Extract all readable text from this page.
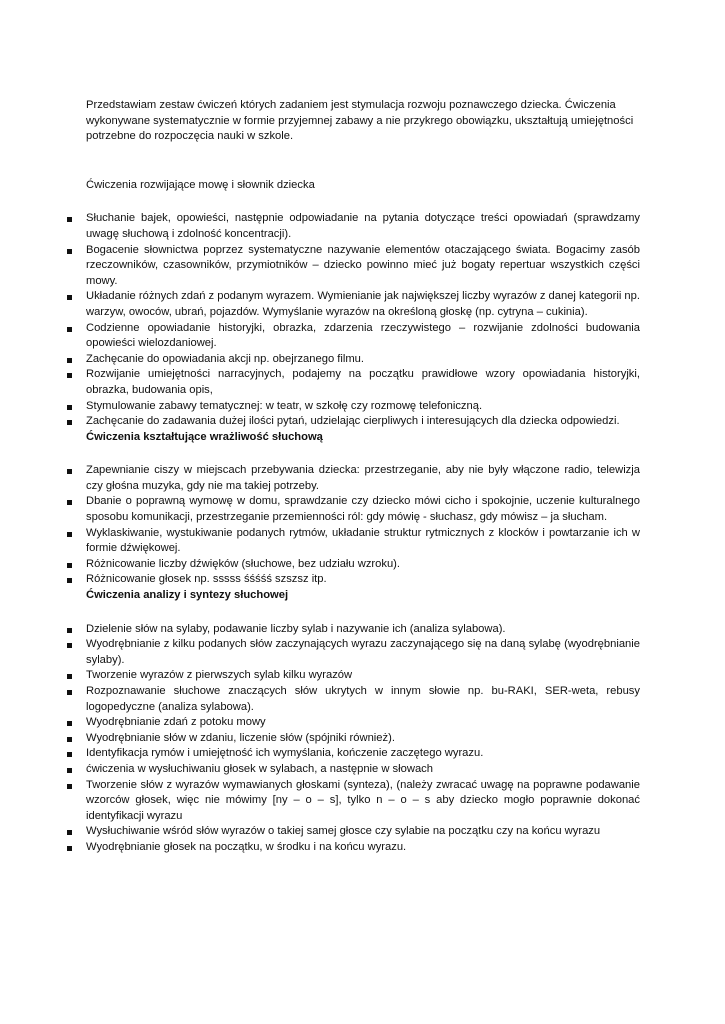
Przedstawiam zestaw ćwiczeń których zadaniem jest stymulacja rozwoju poznawczego dziecka. Ćwiczenia wykonywane systematycznie w formie przyjemnej zabawy a nie przykrego obowiązku, ukształtują umiejętności potrzebne do rozpoczęcia nauki w szkole.

Ćwiczenia rozwijające mowę i słownik dziecka

Słuchanie bajek, opowieści, następnie odpowiadanie na pytania dotyczące treści opowiadań (sprawdzamy uwagę słuchową i zdolność koncentracji).
Bogacenie słownictwa poprzez systematyczne nazywanie elementów otaczającego świata. Bogacimy zasób rzeczowników, czasowników, przymiotników – dziecko powinno mieć już bogaty repertuar wszystkich części mowy.
Układanie różnych zdań z podanym wyrazem. Wymienianie jak największej liczby wyrazów z danej kategorii np. warzyw, owoców, ubrań, pojazdów. Wymyślanie wyrazów na określoną głoskę (np. cytryna – cukinia).
Codzienne opowiadanie historyjki, obrazka, zdarzenia rzeczywistego – rozwijanie zdolności budowania opowieści wielozdaniowej.
Zachęcanie do opowiadania akcji np. obejrzanego filmu.
Rozwijanie umiejętności narracyjnych, podajemy na początku prawidłowe wzory opowiadania historyjki, obrazka, budowania opis,
Stymulowanie zabawy tematycznej: w teatr, w szkołę czy rozmowę telefoniczną.
Zachęcanie do zadawania dużej ilości pytań, udzielając cierpliwych i interesujących dla dziecka odpowiedzi.

Ćwiczenia kształtujące wrażliwość słuchową

Zapewnianie ciszy w miejscach przebywania dziecka: przestrzeganie, aby nie były włączone radio, telewizja czy głośna muzyka, gdy nie ma takiej potrzeby.
Dbanie o poprawną wymowę w domu, sprawdzanie czy dziecko mówi cicho i spokojnie, uczenie kulturalnego sposobu komunikacji, przestrzeganie przemienności ról: gdy mówię - słuchasz, gdy mówisz – ja słucham.
Wyklaskiwanie, wystukiwanie podanych rytmów, układanie struktur rytmicznych z klocków i powtarzanie ich w formie dźwiękowej.
Różnicowanie liczby dźwięków (słuchowe, bez udziału wzroku).
Różnicowanie głosek np. sssss śśśśś szszsz itp.

Ćwiczenia analizy i syntezy słuchowej

Dzielenie słów na sylaby, podawanie liczby sylab i nazywanie ich (analiza sylabowa).
Wyodrębnianie z kilku podanych słów zaczynających wyrazu zaczynającego się na daną sylabę (wyodrębnianie sylaby).
Tworzenie wyrazów z pierwszych sylab kilku wyrazów
Rozpoznawanie słuchowe znaczących słów ukrytych w innym słowie np. bu-RAKI, SER-weta, rebusy logopedyczne (analiza sylabowa).
Wyodrębnianie zdań z potoku mowy
Wyodrębnianie słów w zdaniu, liczenie słów (spójniki również).
Identyfikacja rymów i umiejętność ich wymyślania, kończenie zaczętego wyrazu.
ćwiczenia w wysłuchiwaniu głosek w sylabach, a następnie w słowach
Tworzenie słów z wyrazów wymawianych głoskami (synteza), (należy zwracać uwagę na poprawne podawanie wzorców głosek, więc nie mówimy [ny – o – s], tylko n – o – s aby dziecko mogło poprawnie dokonać identyfikacji wyrazu
Wysłuchiwanie wśród słów wyrazów o takiej samej głosce czy sylabie na początku czy na końcu wyrazu
Wyodrębnianie głosek na początku, w środku i na końcu wyrazu.
